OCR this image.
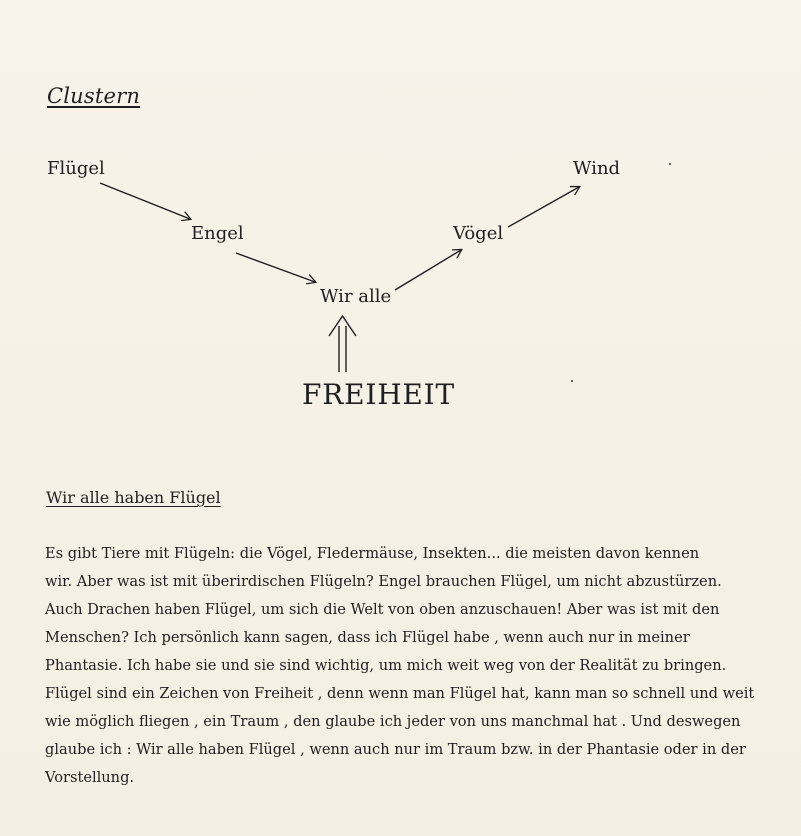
Clustern
Flügel
Engel
Wir alle
Vögel
Wind
FREIHEIT
Wir alle haben Flügel
Es gibt Tiere mit Flügeln: die Vögel, Fledermäuse, Insekten... die meisten davon kennen
wir. Aber was ist mit überirdischen Flügeln? Engel brauchen Flügel, um nicht abzustürzen.
Auch Drachen haben Flügel, um sich die Welt von oben anzuschauen! Aber was ist mit den
Menschen? Ich persönlich kann sagen, dass ich Flügel habe , wenn auch nur in meiner
Phantasie. Ich habe sie und sie sind wichtig, um mich weit weg von der Realität zu bringen.
Flügel sind ein Zeichen von Freiheit , denn wenn man Flügel hat, kann man so schnell und weit
wie möglich fliegen , ein Traum , den glaube ich jeder von uns manchmal hat . Und deswegen
glaube ich : Wir alle haben Flügel , wenn auch nur im Traum bzw. in der Phantasie oder in der
Vorstellung.
